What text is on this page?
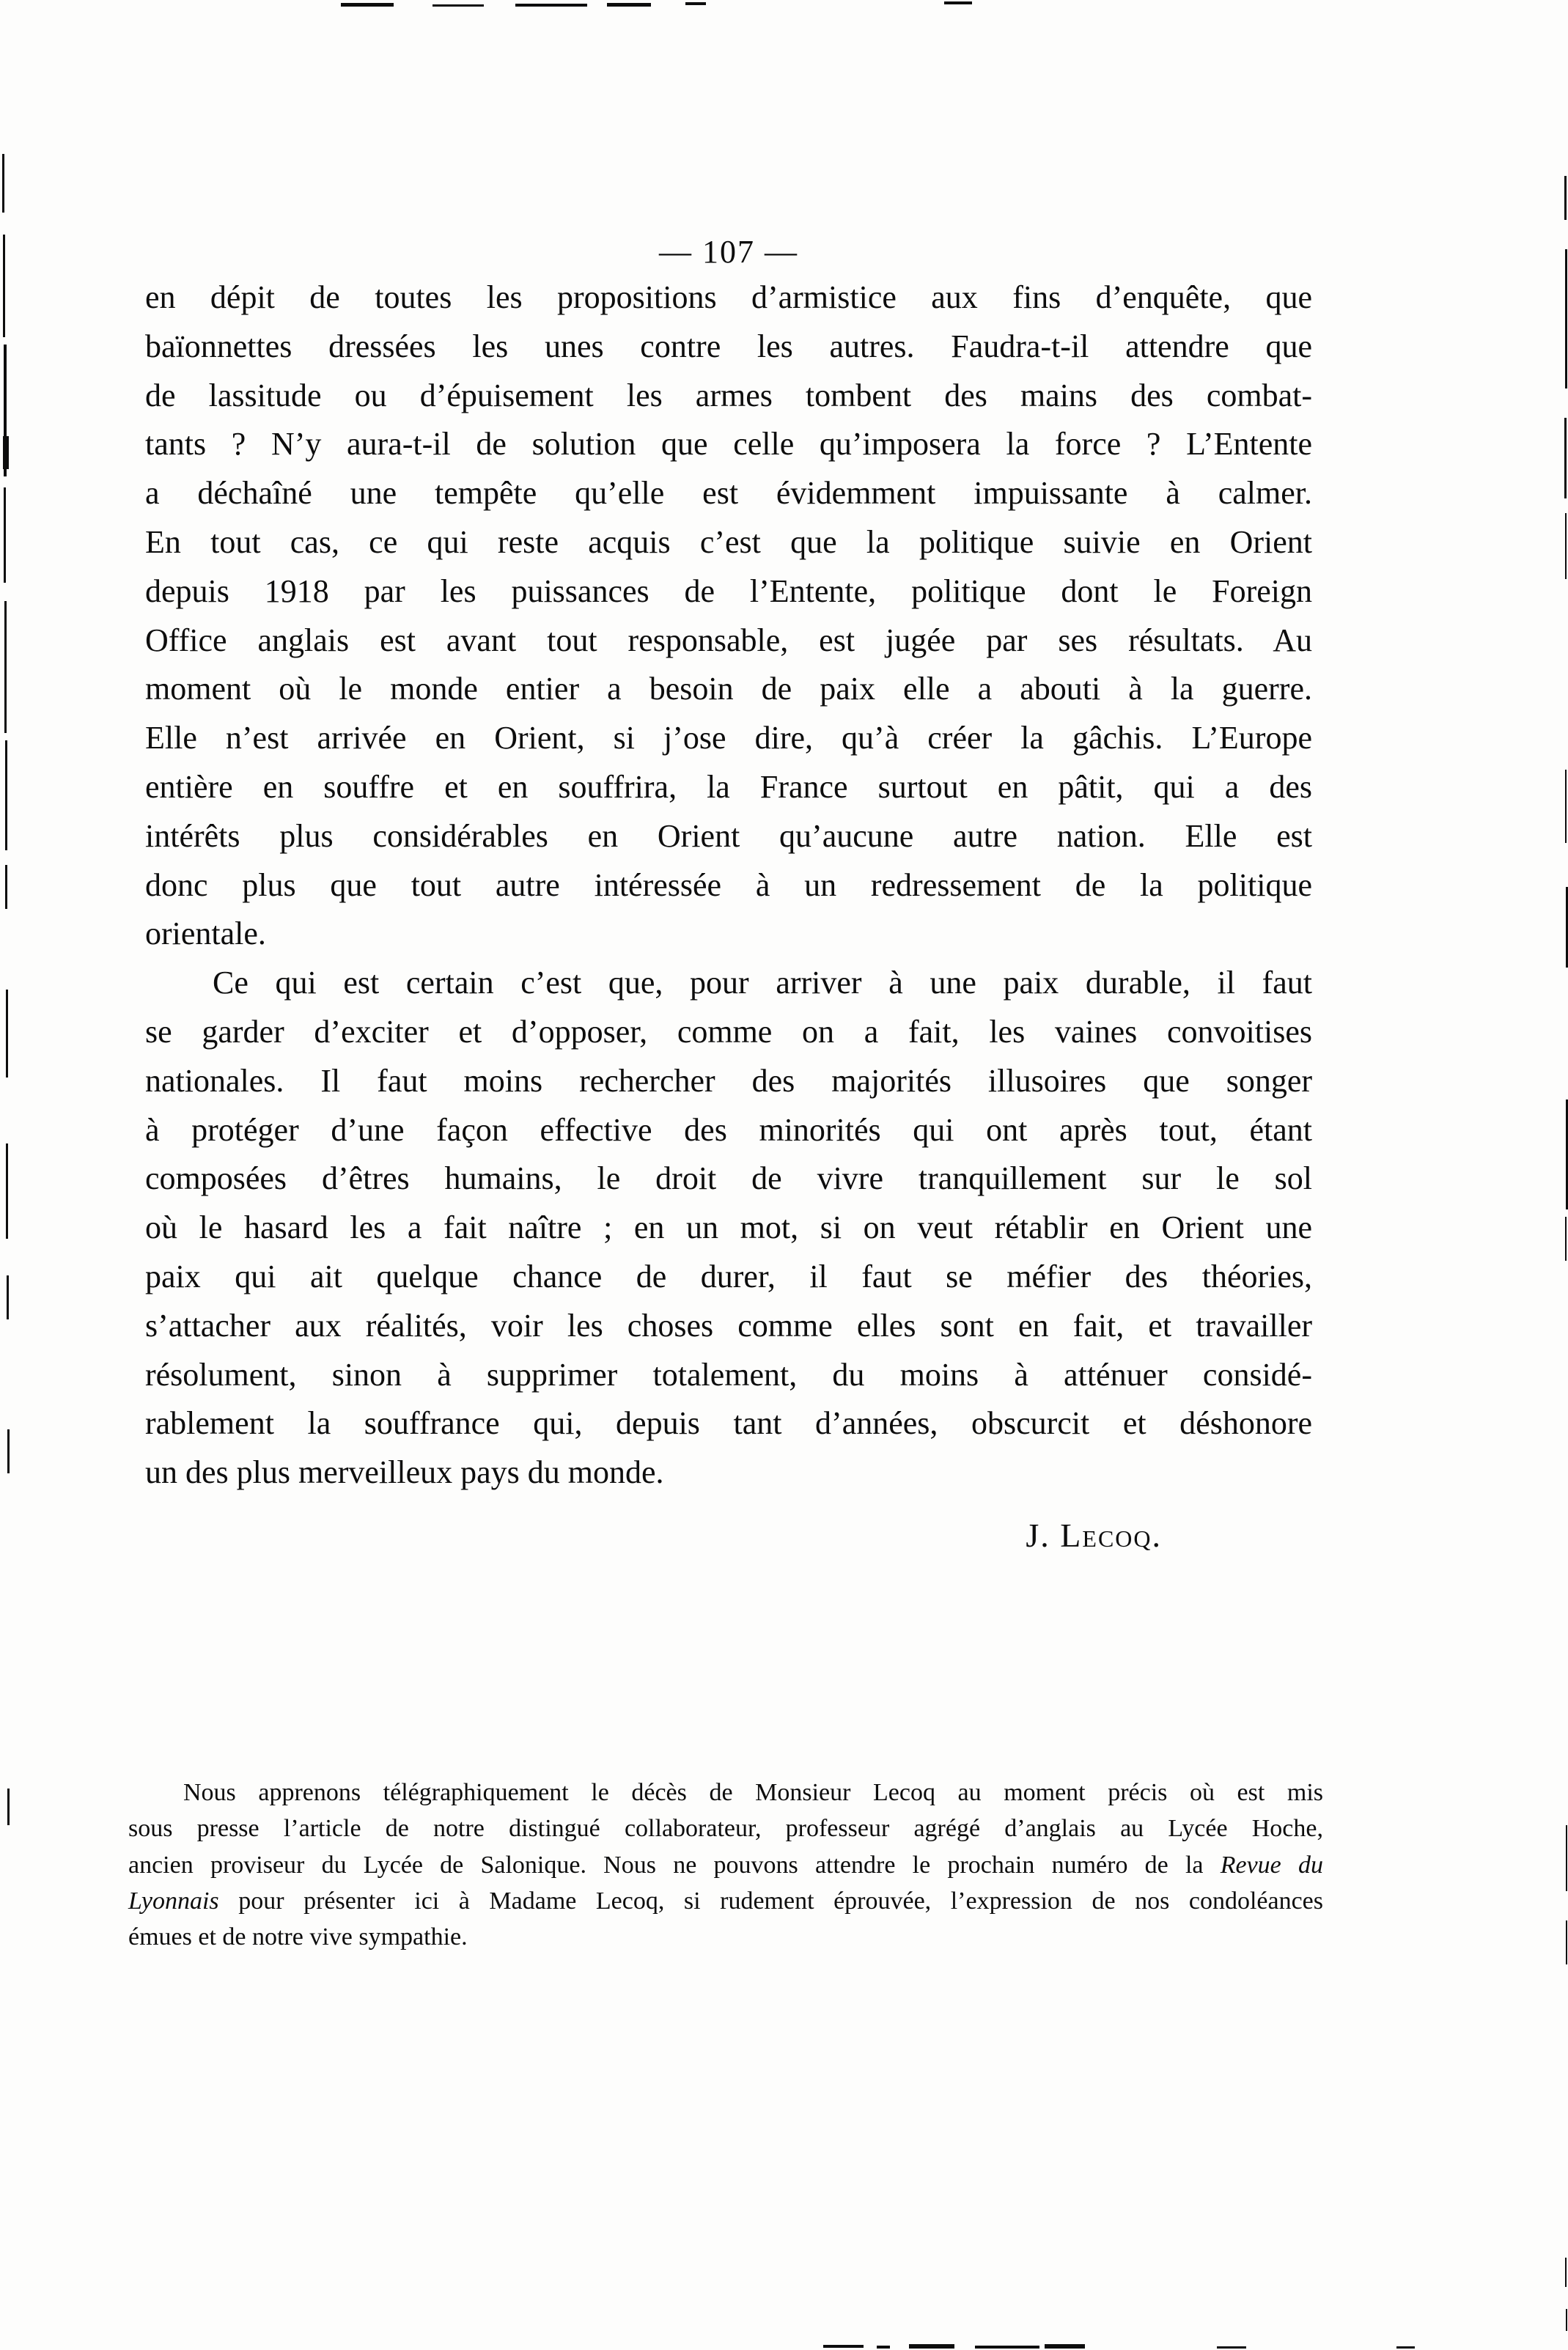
— 107 —
en dépit de toutes les propositions d’armistice aux fins d’enquête, que
baïonnettes dressées les unes contre les autres. Faudra-t-il attendre que
de lassitude ou d’épuisement les armes tombent des mains des combat-
tants ? N’y aura-t-il de solution que celle qu’imposera la force ? L’Entente
a déchaîné une tempête qu’elle est évidemment impuissante à calmer.
En tout cas, ce qui reste acquis c’est que la politique suivie en Orient
depuis 1918 par les puissances de l’Entente, politique dont le Foreign
Office anglais est avant tout responsable, est jugée par ses résultats. Au
moment où le monde entier a besoin de paix elle a abouti à la guerre.
Elle n’est arrivée en Orient, si j’ose dire, qu’à créer la gâchis. L’Europe
entière en souffre et en souffrira, la France surtout en pâtit, qui a des
intérêts plus considérables en Orient qu’aucune autre nation. Elle est
donc plus que tout autre intéressée à un redressement de la politique
orientale.
Ce qui est certain c’est que, pour arriver à une paix durable, il faut
se garder d’exciter et d’opposer, comme on a fait, les vaines convoitises
nationales. Il faut moins rechercher des majorités illusoires que songer
à protéger d’une façon effective des minorités qui ont après tout, étant
composées d’êtres humains, le droit de vivre tranquillement sur le sol
où le hasard les a fait naître ; en un mot, si on veut rétablir en Orient une
paix qui ait quelque chance de durer, il faut se méfier des théories,
s’attacher aux réalités, voir les choses comme elles sont en fait, et travailler
résolument, sinon à supprimer totalement, du moins à atténuer considé-
rablement la souffrance qui, depuis tant d’années, obscurcit et déshonore
un des plus merveilleux pays du monde.
J. Lecoq.
Nous apprenons télégraphiquement le décès de Monsieur Lecoq au moment précis où est mis
sous presse l’article de notre distingué collaborateur, professeur agrégé d’anglais au Lycée Hoche,
ancien proviseur du Lycée de Salonique. Nous ne pouvons attendre le prochain numéro de la Revue du
Lyonnais pour présenter ici à Madame Lecoq, si rudement éprouvée, l’expression de nos condoléances
émues et de notre vive sympathie.
